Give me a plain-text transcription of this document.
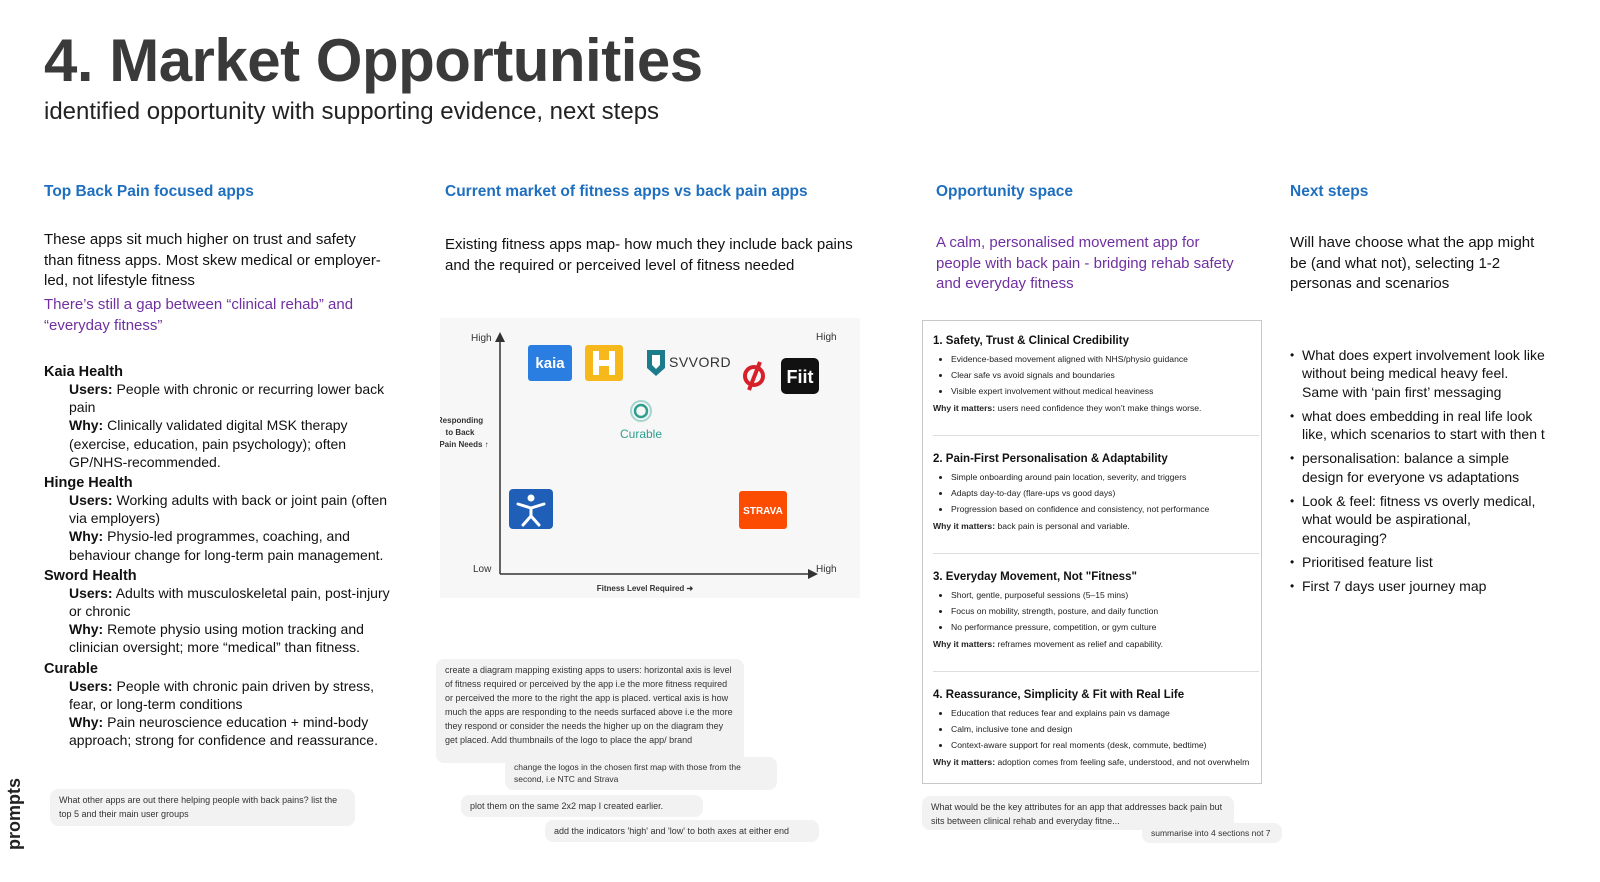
4. Market Opportunities
identified opportunity with supporting evidence, next steps
Top Back Pain focused apps	Current market of fitness apps vs back pain apps	Opportunity space	Next steps
These apps sit much higher on trust and safety than fitness apps. Most skew medical or employer-led, not lifestyle fitness
There’s still a gap between “clinical rehab” and “everyday fitness”
Kaia Health
Users: People with chronic or recurring lower back pain
Why: Clinically validated digital MSK therapy (exercise, education, pain psychology); often GP/NHS-recommended.
Hinge Health
Users: Working adults with back or joint pain (often via employers)
Why: Physio-led programmes, coaching, and behaviour change for long-term pain management.
Sword Health
Users: Adults with musculoskeletal pain, post-injury or chronic
Why: Remote physio using motion tracking and clinician oversight; more “medical” than fitness.
Curable
Users: People with chronic pain driven by stress, fear, or long-term conditions
Why: Pain neuroscience education + mind-body approach; strong for confidence and reassurance.
What other apps are out there helping people with back pains? list the top 5 and their main user groups
Existing fitness apps map- how much they include back pains and the required or perceived level of fitness needed
High
Low
High
High
Responding
to Back
Pain Needs ↑
Fitness Level Required ➜
kaia	SVVORD
Fiit
Curable
STRAVA
create a diagram mapping existing apps to users: horizontal axis is level of fitness required or perceived by the app i.e the more fitness required or perceived the more to the right the app is placed. vertical axis is how much the apps are responding to the needs surfaced above i.e the more they respond or consider the needs the higher up on the diagram they get placed. Add thumbnails of the logo to place the app/ brand
change the logos in the chosen first map with those from the second, i.e NTC and Strava
plot them on the same 2x2 map I created earlier.
add the indicators 'high' and 'low' to both axes at either end
A calm, personalised movement app for people with back pain - bridging rehab safety and everyday fitness
1. Safety, Trust & Clinical Credibility
• Evidence-based movement aligned with NHS/physio guidance
• Clear safe vs avoid signals and boundaries
• Visible expert involvement without medical heaviness
Why it matters: users need confidence they won’t make things worse.
2. Pain-First Personalisation & Adaptability
• Simple onboarding around pain location, severity, and triggers
• Adapts day-to-day (flare-ups vs good days)
• Progression based on confidence and consistency, not performance
Why it matters: back pain is personal and variable.
3. Everyday Movement, Not "Fitness"
• Short, gentle, purposeful sessions (5–15 mins)
• Focus on mobility, strength, posture, and daily function
• No performance pressure, competition, or gym culture
Why it matters: reframes movement as relief and capability.
4. Reassurance, Simplicity & Fit with Real Life
• Education that reduces fear and explains pain vs damage
• Calm, inclusive tone and design
• Context-aware support for real moments (desk, commute, bedtime)
Why it matters: adoption comes from feeling safe, understood, and not overwhelm
What would be the key attributes for an app that addresses back pain but sits between clinical rehab and everyday fitne...
summarise into 4 sections not 7
Will have choose what the app might be (and what not), selecting 1-2 personas and scenarios
• What does expert involvement look like without being medical heavy feel. Same with ‘pain first’ messaging
• what does embedding in real life look like, which scenarios to start with then t
• personalisation: balance a simple design for everyone vs adaptations
• Look & feel: fitness vs overly medical, what would be aspirational, encouraging?
• Prioritised feature list
• First 7 days user journey map
prompts
